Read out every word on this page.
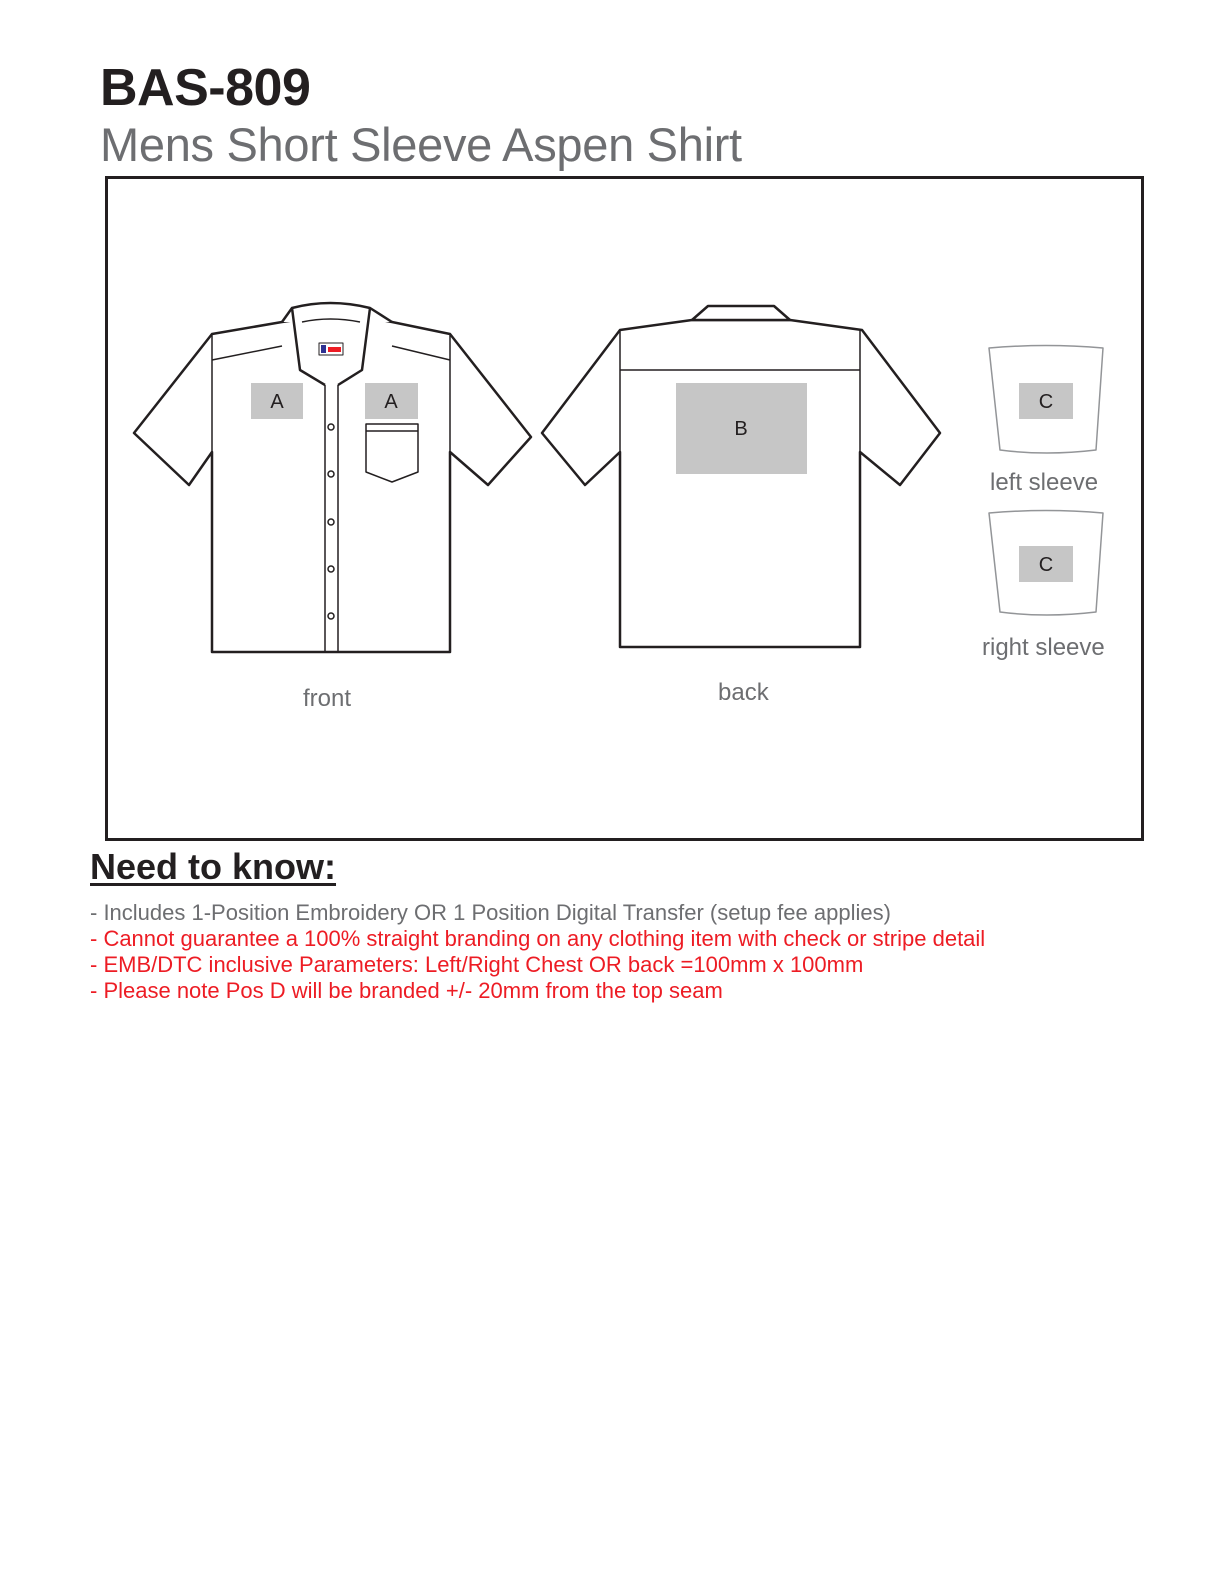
BAS-809
Mens Short Sleeve Aspen Shirt
A	A
B
C
C
front	back
left sleeve
right sleeve
Need to know:
- Includes 1-Position Embroidery OR 1 Position Digital Transfer (setup fee applies)
- Cannot guarantee a 100% straight branding on any clothing item with check or stripe detail
- EMB/DTC inclusive Parameters: Left/Right Chest OR back =100mm x 100mm
- Please note Pos D will be branded +/- 20mm from the top seam
